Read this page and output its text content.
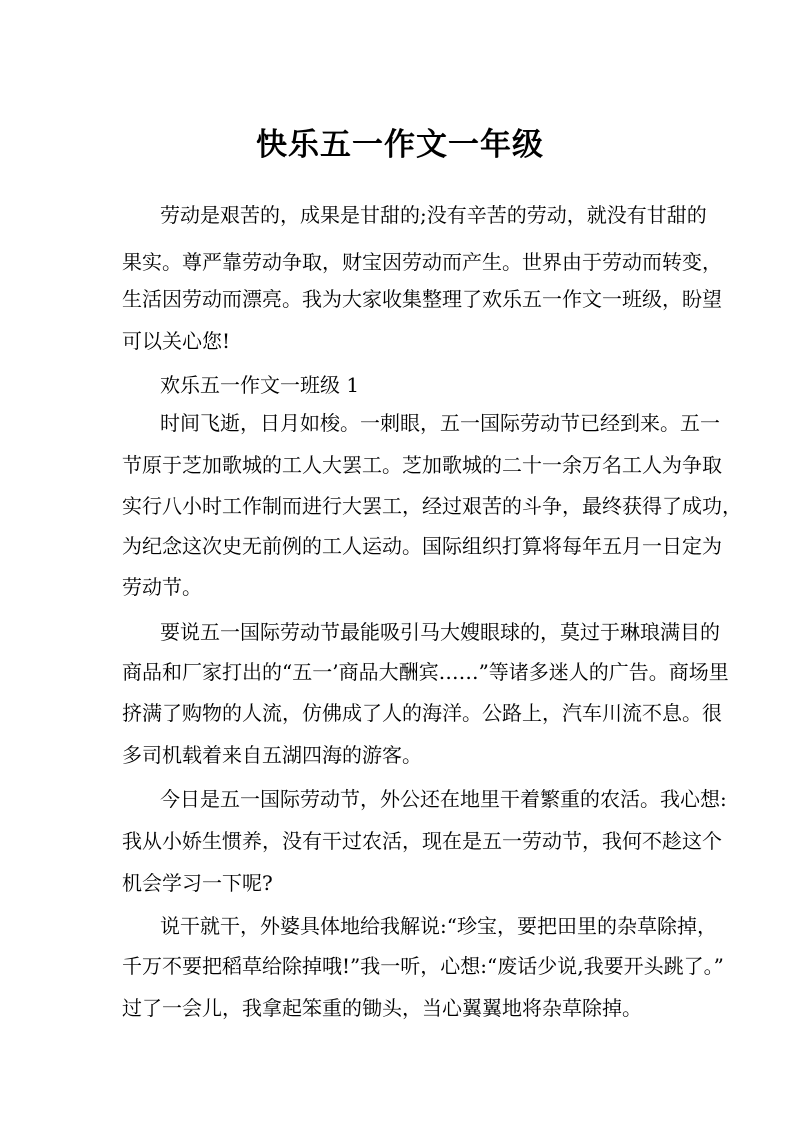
快乐五一作文一年级
劳动是艰苦的，成果是甘甜的;没有辛苦的劳动，就没有甘甜的
果实。尊严靠劳动争取，财宝因劳动而产生。世界由于劳动而转变，
生活因劳动而漂亮。我为大家收集整理了欢乐五一作文一班级，盼望
可以关心您!
欢乐五一作文一班级 1
时间飞逝，日月如梭。一刺眼，五一国际劳动节已经到来。五一
节原于芝加歌城的工人大罢工。芝加歌城的二十一余万名工人为争取
实行八小时工作制而进行大罢工，经过艰苦的斗争，最终获得了成功，
为纪念这次史无前例的工人运动。国际组织打算将每年五月一日定为
劳动节。
要说五一国际劳动节最能吸引马大嫂眼球的，莫过于琳琅满目的
商品和厂家打出的“五一’商品大酬宾……”等诸多迷人的广告。商场里
挤满了购物的人流，仿佛成了人的海洋。公路上，汽车川流不息。很
多司机载着来自五湖四海的游客。
今日是五一国际劳动节，外公还在地里干着繁重的农活。我心想:
我从小娇生惯养，没有干过农活，现在是五一劳动节，我何不趁这个
机会学习一下呢?
说干就干，外婆具体地给我解说:“珍宝，要把田里的杂草除掉，
千万不要把稻草给除掉哦!”我一听，心想:“废话少说,我要开头跳了。”
过了一会儿，我拿起笨重的锄头，当心翼翼地将杂草除掉。
